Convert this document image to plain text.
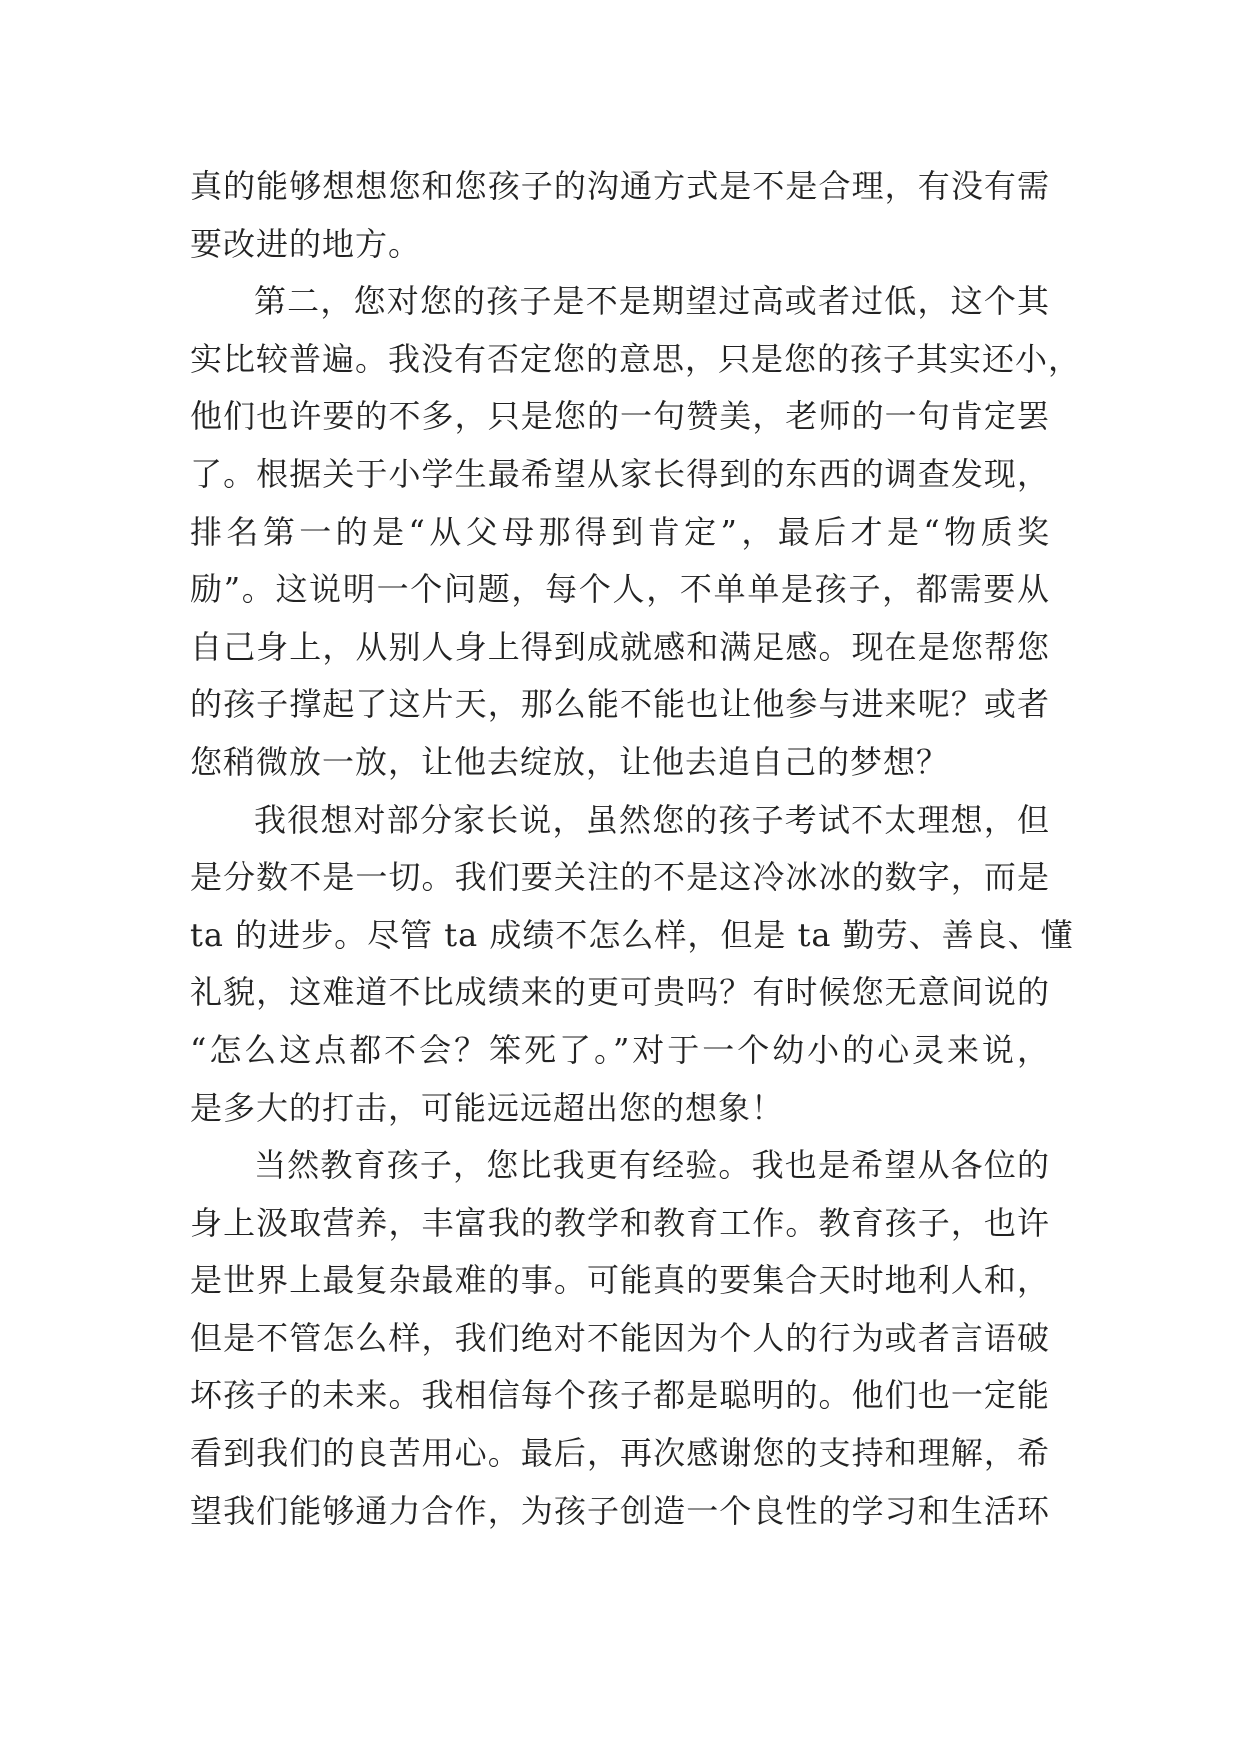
真的能够想想您和您孩子的沟通方式是不是合理，有没有需
要改进的地方。
第二，您对您的孩子是不是期望过高或者过低，这个其
实比较普遍。我没有否定您的意思，只是您的孩子其实还小，
他们也许要的不多，只是您的一句赞美，老师的一句肯定罢
了。根据关于小学生最希望从家长得到的东西的调查发现，
排名第一的是“从父母那得到肯定”，最后才是“物质奖
励”。这说明一个问题，每个人，不单单是孩子，都需要从
自己身上，从别人身上得到成就感和满足感。现在是您帮您
的孩子撑起了这片天，那么能不能也让他参与进来呢？或者
您稍微放一放，让他去绽放，让他去追自己的梦想？
我很想对部分家长说，虽然您的孩子考试不太理想，但
是分数不是一切。我们要关注的不是这冷冰冰的数字，而是
ta 的进步。尽管 ta 成绩不怎么样，但是 ta 勤劳、善良、懂
礼貌，这难道不比成绩来的更可贵吗？有时候您无意间说的
“怎么这点都不会？笨死了。”对于一个幼小的心灵来说，
是多大的打击，可能远远超出您的想象！
当然教育孩子，您比我更有经验。我也是希望从各位的
身上汲取营养，丰富我的教学和教育工作。教育孩子，也许
是世界上最复杂最难的事。可能真的要集合天时地利人和，
但是不管怎么样，我们绝对不能因为个人的行为或者言语破
坏孩子的未来。我相信每个孩子都是聪明的。他们也一定能
看到我们的良苦用心。最后，再次感谢您的支持和理解，希
望我们能够通力合作，为孩子创造一个良性的学习和生活环
